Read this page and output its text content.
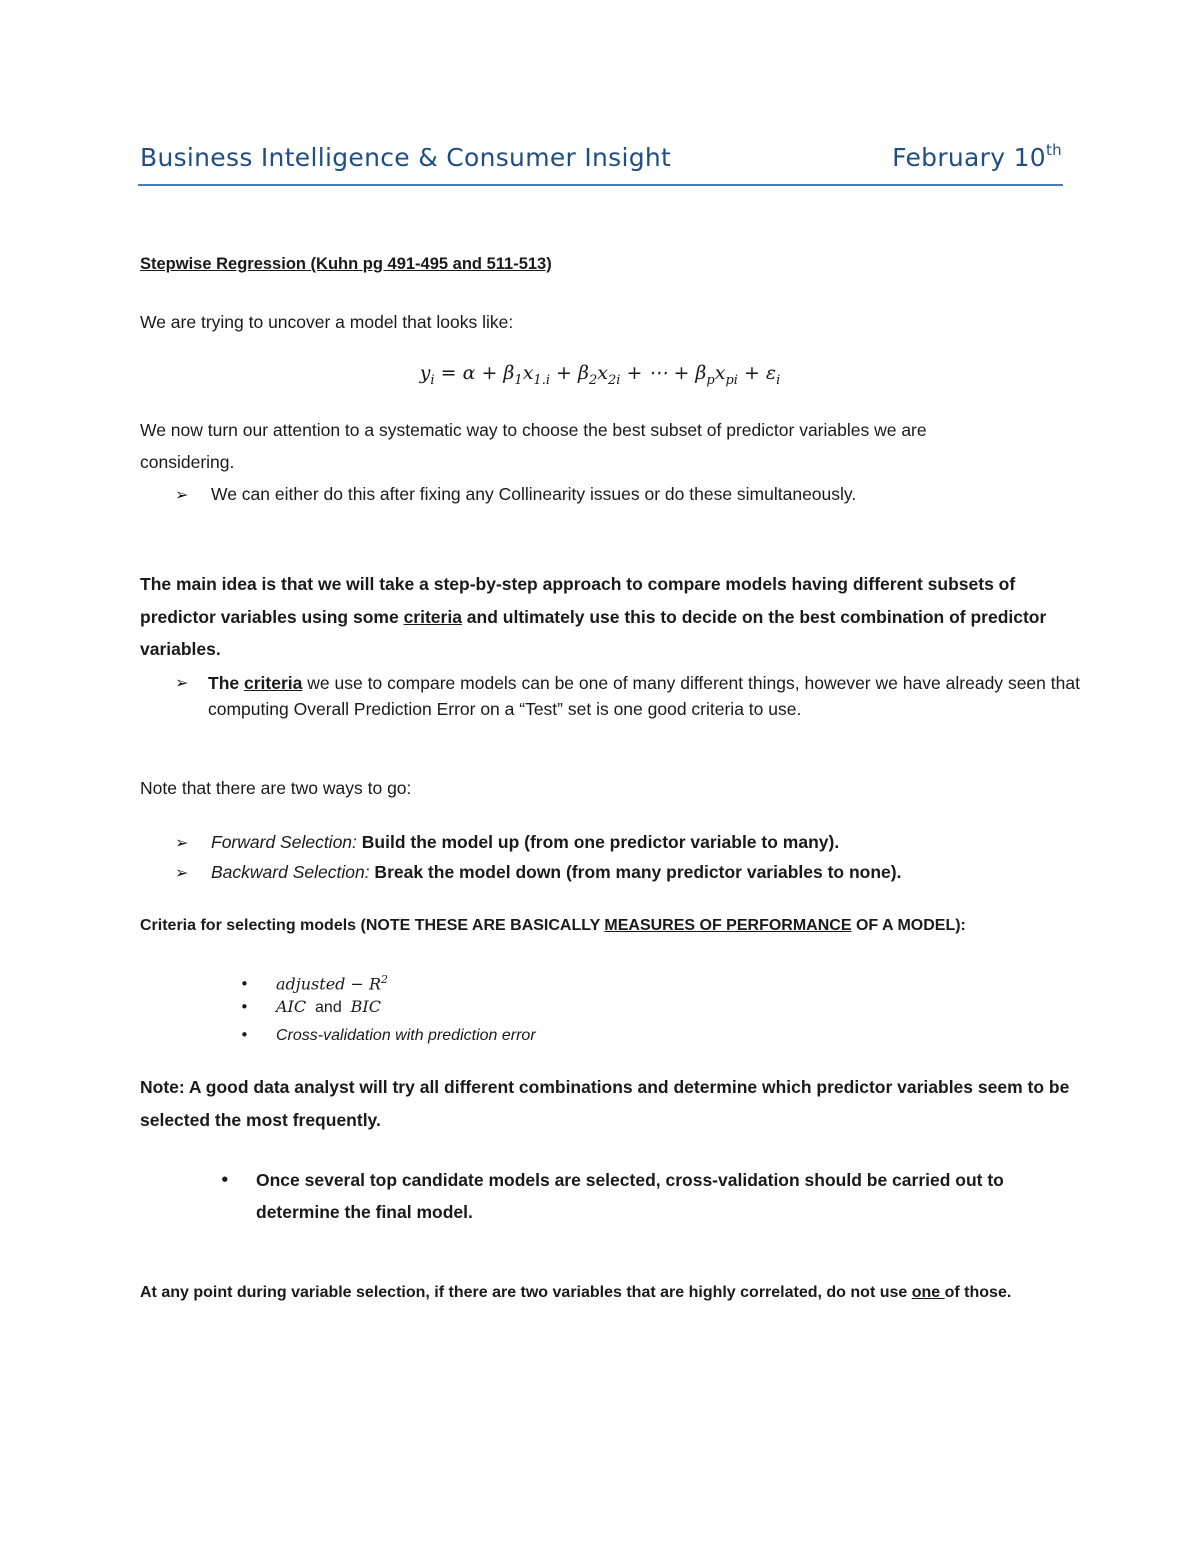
Business Intelligence & Consumer Insight	February 10th
Stepwise Regression (Kuhn pg 491-495 and 511-513)
We are trying to uncover a model that looks like:
$y_i = \alpha + \beta_1x_{1.i} + \beta_2x_{2i}$ + ⋯ + $\beta_px_{pi} + \varepsilon_i$
We now turn our attention to a systematic way to choose the best subset of predictor variables we are
considering.
➢ We can either do this after fixing any Collinearity issues or do these simultaneously.
The main idea is that we will take a step-by-step approach to compare models having different subsets of
predictor variables using some criteria and ultimately use this to decide on the best combination of predictor
variables.
➢	The criteria we use to compare models can be one of many different things, however we have already seen that computing Overall Prediction Error on a “Test” set is one good criteria to use.
Note that there are two ways to go:
➢ Forward Selection: Build the model up (from one predictor variable to many).
➢ Backward Selection: Break the model down (from many predictor variables to none).
Criteria for selecting models (NOTE THESE ARE BASICALLY MEASURES OF PERFORMANCE OF A MODEL):
• adjusted − $R^2$
• AIC  and  BIC
• Cross-validation with prediction error
Note: A good data analyst will try all different combinations and determine which predictor variables seem to be
selected the most frequently.
•	Once several top candidate models are selected, cross-validation should be carried out to
determine the final model.
At any point during variable selection, if there are two variables that are highly correlated, do not use one of those.
